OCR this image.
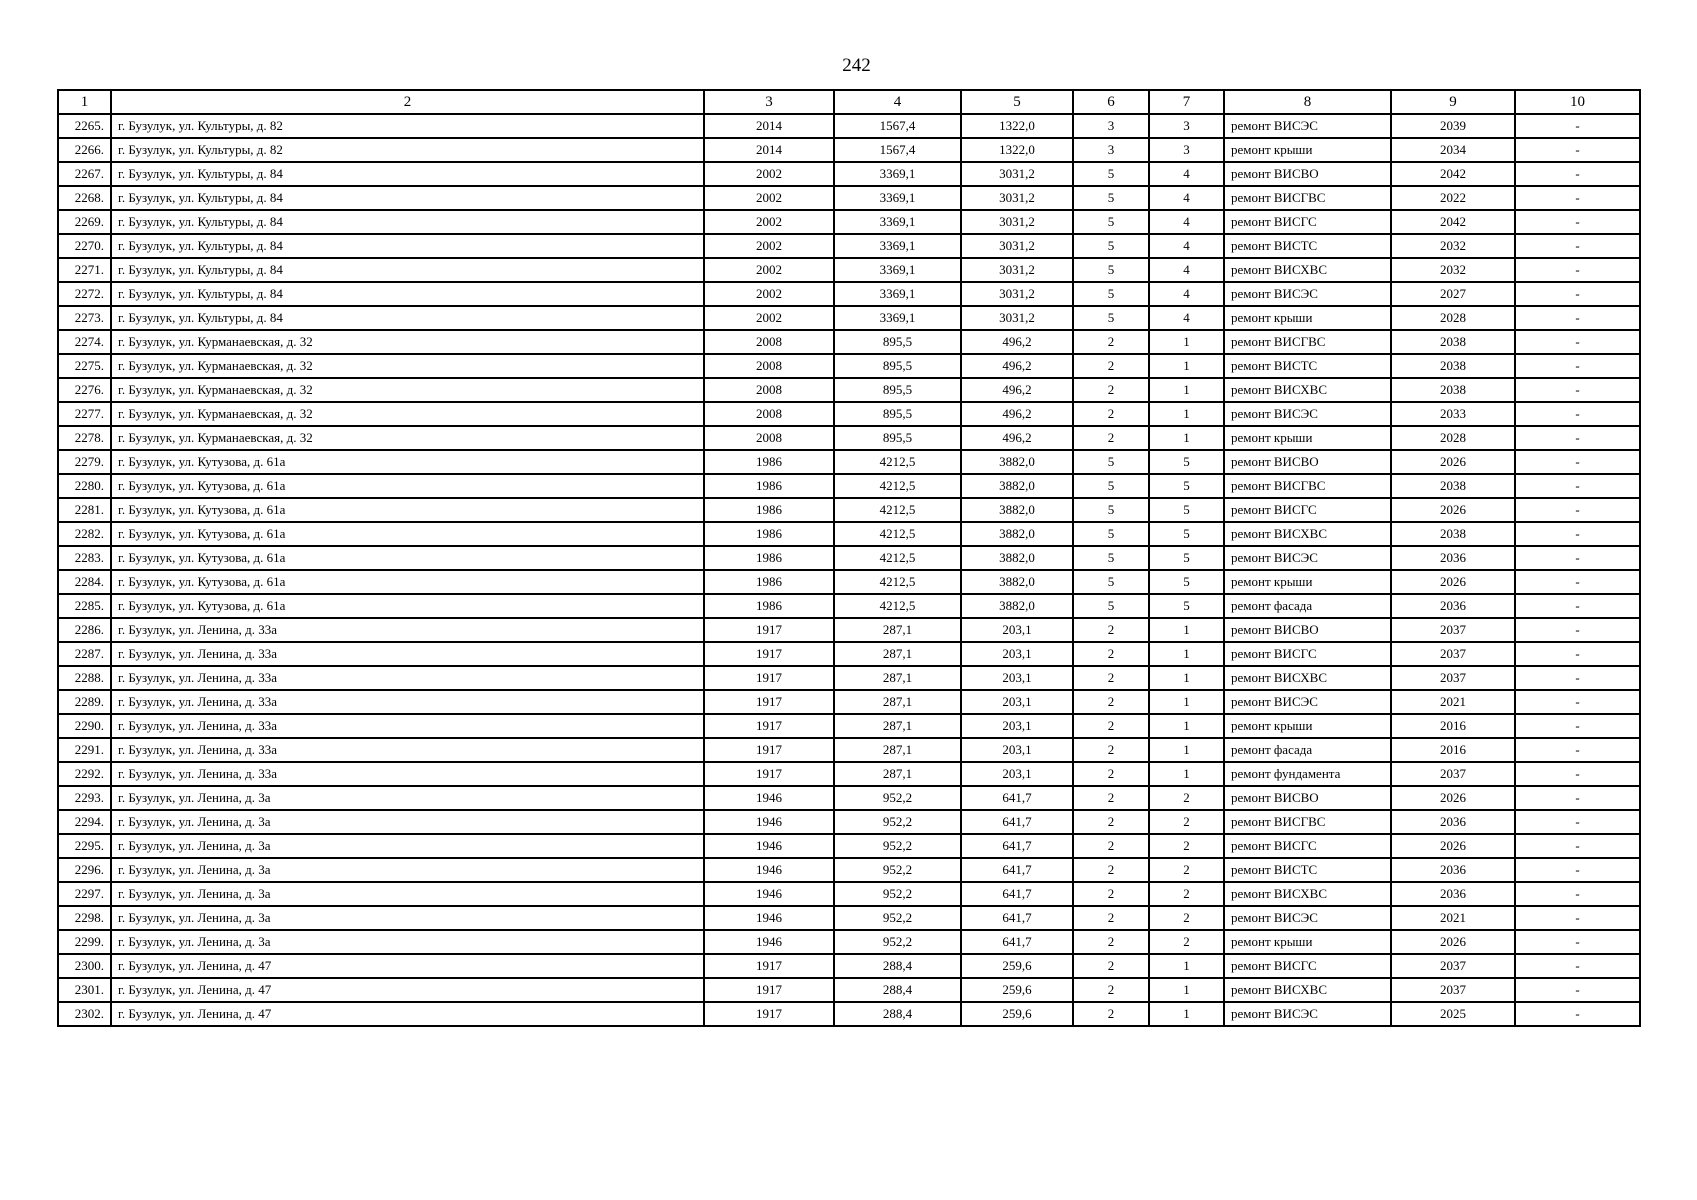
242
1	2	3	4	5	6	7	8	9	10
2265.	г. Бузулук, ул. Культуры, д. 82	2014	1567,4	1322,0	3	3	ремонт ВИСЭС	2039	-
2266.	г. Бузулук, ул. Культуры, д. 82	2014	1567,4	1322,0	3	3	ремонт крыши	2034	-
2267.	г. Бузулук, ул. Культуры, д. 84	2002	3369,1	3031,2	5	4	ремонт ВИСВО	2042	-
2268.	г. Бузулук, ул. Культуры, д. 84	2002	3369,1	3031,2	5	4	ремонт ВИСГВС	2022	-
2269.	г. Бузулук, ул. Культуры, д. 84	2002	3369,1	3031,2	5	4	ремонт ВИСГС	2042	-
2270.	г. Бузулук, ул. Культуры, д. 84	2002	3369,1	3031,2	5	4	ремонт ВИСТС	2032	-
2271.	г. Бузулук, ул. Культуры, д. 84	2002	3369,1	3031,2	5	4	ремонт ВИСХВС	2032	-
2272.	г. Бузулук, ул. Культуры, д. 84	2002	3369,1	3031,2	5	4	ремонт ВИСЭС	2027	-
2273.	г. Бузулук, ул. Культуры, д. 84	2002	3369,1	3031,2	5	4	ремонт крыши	2028	-
2274.	г. Бузулук, ул. Курманаевская, д. 32	2008	895,5	496,2	2	1	ремонт ВИСГВС	2038	-
2275.	г. Бузулук, ул. Курманаевская, д. 32	2008	895,5	496,2	2	1	ремонт ВИСТС	2038	-
2276.	г. Бузулук, ул. Курманаевская, д. 32	2008	895,5	496,2	2	1	ремонт ВИСХВС	2038	-
2277.	г. Бузулук, ул. Курманаевская, д. 32	2008	895,5	496,2	2	1	ремонт ВИСЭС	2033	-
2278.	г. Бузулук, ул. Курманаевская, д. 32	2008	895,5	496,2	2	1	ремонт крыши	2028	-
2279.	г. Бузулук, ул. Кутузова, д. 61а	1986	4212,5	3882,0	5	5	ремонт ВИСВО	2026	-
2280.	г. Бузулук, ул. Кутузова, д. 61а	1986	4212,5	3882,0	5	5	ремонт ВИСГВС	2038	-
2281.	г. Бузулук, ул. Кутузова, д. 61а	1986	4212,5	3882,0	5	5	ремонт ВИСГС	2026	-
2282.	г. Бузулук, ул. Кутузова, д. 61а	1986	4212,5	3882,0	5	5	ремонт ВИСХВС	2038	-
2283.	г. Бузулук, ул. Кутузова, д. 61а	1986	4212,5	3882,0	5	5	ремонт ВИСЭС	2036	-
2284.	г. Бузулук, ул. Кутузова, д. 61а	1986	4212,5	3882,0	5	5	ремонт крыши	2026	-
2285.	г. Бузулук, ул. Кутузова, д. 61а	1986	4212,5	3882,0	5	5	ремонт фасада	2036	-
2286.	г. Бузулук, ул. Ленина, д. 33а	1917	287,1	203,1	2	1	ремонт ВИСВО	2037	-
2287.	г. Бузулук, ул. Ленина, д. 33а	1917	287,1	203,1	2	1	ремонт ВИСГС	2037	-
2288.	г. Бузулук, ул. Ленина, д. 33а	1917	287,1	203,1	2	1	ремонт ВИСХВС	2037	-
2289.	г. Бузулук, ул. Ленина, д. 33а	1917	287,1	203,1	2	1	ремонт ВИСЭС	2021	-
2290.	г. Бузулук, ул. Ленина, д. 33а	1917	287,1	203,1	2	1	ремонт крыши	2016	-
2291.	г. Бузулук, ул. Ленина, д. 33а	1917	287,1	203,1	2	1	ремонт фасада	2016	-
2292.	г. Бузулук, ул. Ленина, д. 33а	1917	287,1	203,1	2	1	ремонт фундамента	2037	-
2293.	г. Бузулук, ул. Ленина, д. 3а	1946	952,2	641,7	2	2	ремонт ВИСВО	2026	-
2294.	г. Бузулук, ул. Ленина, д. 3а	1946	952,2	641,7	2	2	ремонт ВИСГВС	2036	-
2295.	г. Бузулук, ул. Ленина, д. 3а	1946	952,2	641,7	2	2	ремонт ВИСГС	2026	-
2296.	г. Бузулук, ул. Ленина, д. 3а	1946	952,2	641,7	2	2	ремонт ВИСТС	2036	-
2297.	г. Бузулук, ул. Ленина, д. 3а	1946	952,2	641,7	2	2	ремонт ВИСХВС	2036	-
2298.	г. Бузулук, ул. Ленина, д. 3а	1946	952,2	641,7	2	2	ремонт ВИСЭС	2021	-
2299.	г. Бузулук, ул. Ленина, д. 3а	1946	952,2	641,7	2	2	ремонт крыши	2026	-
2300.	г. Бузулук, ул. Ленина, д. 47	1917	288,4	259,6	2	1	ремонт ВИСГС	2037	-
2301.	г. Бузулук, ул. Ленина, д. 47	1917	288,4	259,6	2	1	ремонт ВИСХВС	2037	-
2302.	г. Бузулук, ул. Ленина, д. 47	1917	288,4	259,6	2	1	ремонт ВИСЭС	2025	-
